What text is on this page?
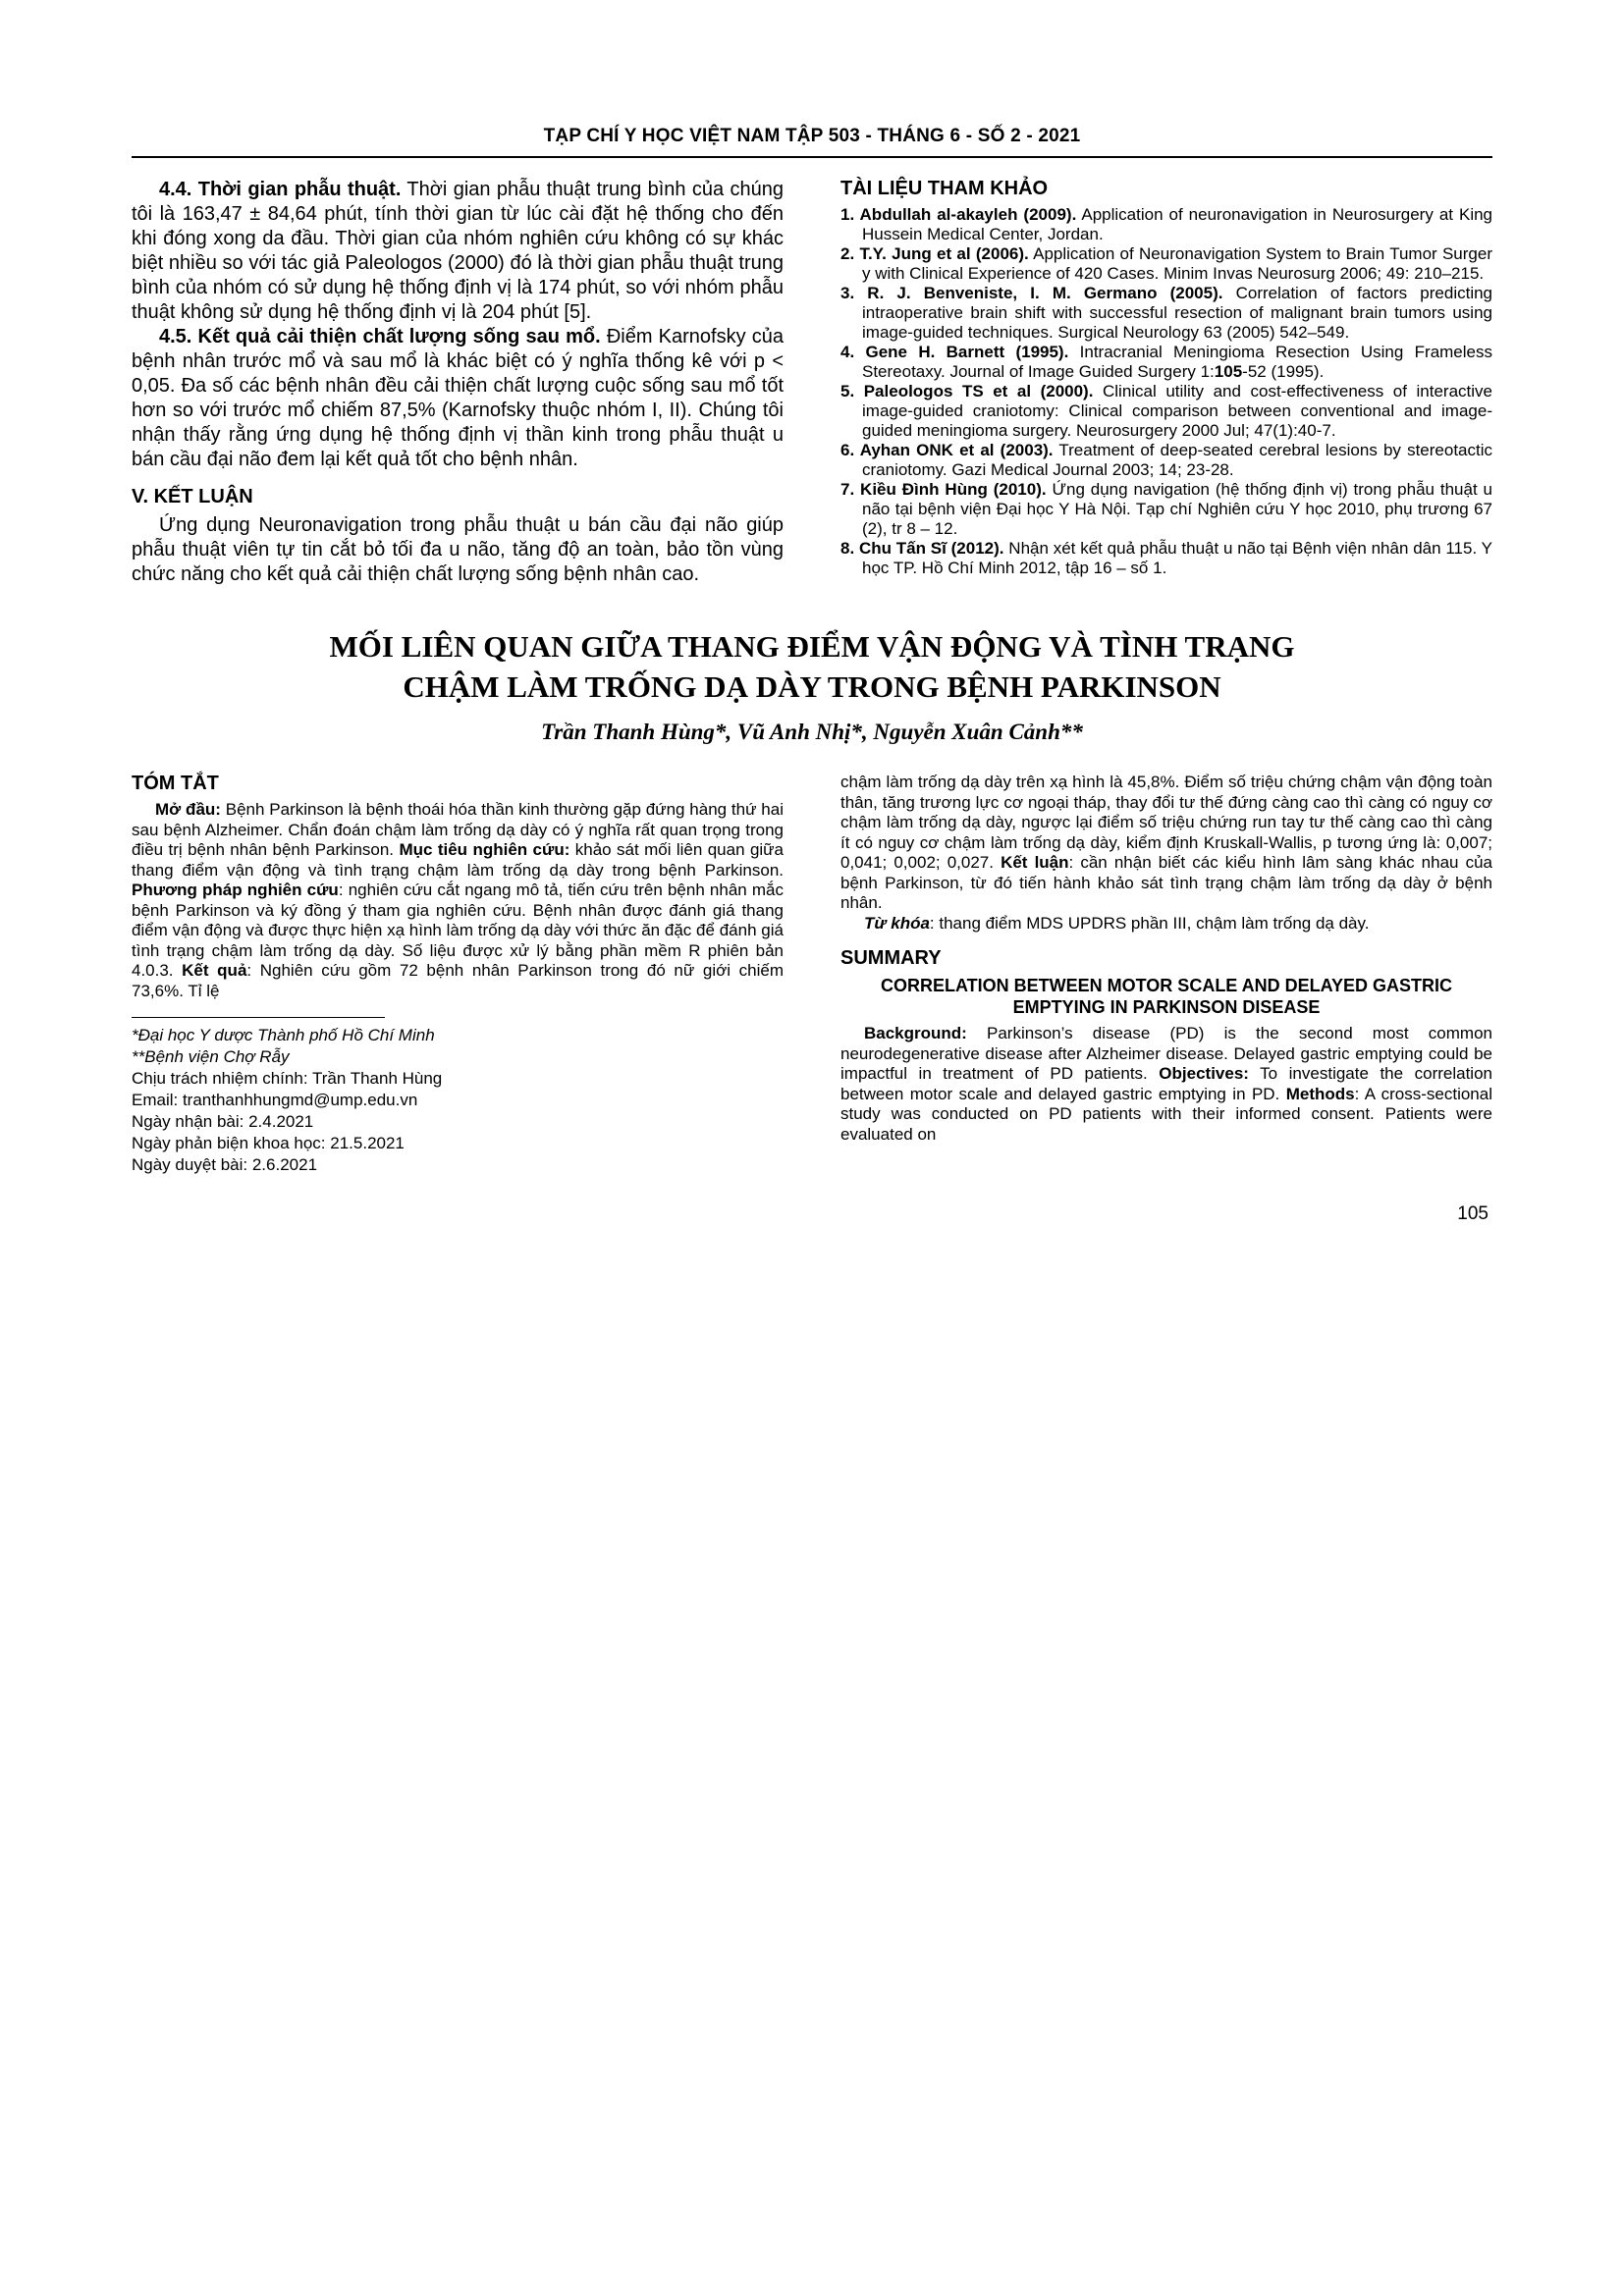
TẠP CHÍ Y HỌC VIỆT NAM TẬP 503 - THÁNG 6 - SỐ 2 - 2021

4.4. Thời gian phẫu thuật. Thời gian phẫu thuật trung bình của chúng tôi là 163,47 ± 84,64 phút, tính thời gian từ lúc cài đặt hệ thống cho đến khi đóng xong da đầu. Thời gian của nhóm nghiên cứu không có sự khác biệt nhiều so với tác giả Paleologos (2000) đó là thời gian phẫu thuật trung bình của nhóm có sử dụng hệ thống định vị là 174 phút, so với nhóm phẫu thuật không sử dụng hệ thống định vị là 204 phút [5].

4.5. Kết quả cải thiện chất lượng sống sau mổ. Điểm Karnofsky của bệnh nhân trước mổ và sau mổ là khác biệt có ý nghĩa thống kê với p < 0,05. Đa số các bệnh nhân đều cải thiện chất lượng cuộc sống sau mổ tốt hơn so với trước mổ chiếm 87,5% (Karnofsky thuộc nhóm I, II). Chúng tôi nhận thấy rằng ứng dụng hệ thống định vị thần kinh trong phẫu thuật u bán cầu đại não đem lại kết quả tốt cho bệnh nhân.

V. KẾT LUẬN

Ứng dụng Neuronavigation trong phẫu thuật u bán cầu đại não giúp phẫu thuật viên tự tin cắt bỏ tối đa u não, tăng độ an toàn, bảo tồn vùng chức năng cho kết quả cải thiện chất lượng sống bệnh nhân cao.

TÀI LIỆU THAM KHẢO
1. Abdullah al-akayleh (2009). Application of neuronavigation in Neurosurgery at King Hussein Medical Center, Jordan.
2. T.Y. Jung et al (2006). Application of Neuronavigation System to Brain Tumor Surger y with Clinical Experience of 420 Cases. Minim Invas Neurosurg 2006; 49: 210–215.
3. R. J. Benveniste, I. M. Germano (2005). Correlation of factors predicting intraoperative brain shift with successful resection of malignant brain tumors using image-guided techniques. Surgical Neurology 63 (2005) 542–549.
4. Gene H. Barnett (1995). Intracranial Meningioma Resection Using Frameless Stereotaxy. Journal of Image Guided Surgery 1:105-52 (1995).
5. Paleologos TS et al (2000). Clinical utility and cost-effectiveness of interactive image-guided craniotomy: Clinical comparison between conventional and image-guided meningioma surgery. Neurosurgery 2000 Jul; 47(1):40-7.
6. Ayhan ONK et al (2003). Treatment of deep-seated cerebral lesions by stereotactic craniotomy. Gazi Medical Journal 2003; 14; 23-28.
7. Kiều Đình Hùng (2010). Ứng dụng navigation (hệ thống định vị) trong phẫu thuật u não tại bệnh viện Đại học Y Hà Nội. Tạp chí Nghiên cứu Y học 2010, phụ trương 67 (2), tr 8 – 12.
8. Chu Tấn Sĩ (2012). Nhận xét kết quả phẫu thuật u não tại Bệnh viện nhân dân 115. Y học TP. Hồ Chí Minh 2012, tập 16 – số 1.
MỐI LIÊN QUAN GIỮA THANG ĐIỂM VẬN ĐỘNG VÀ TÌNH TRẠNG
CHẬM LÀM TRỐNG DẠ DÀY TRONG BỆNH PARKINSON
Trần Thanh Hùng*, Vũ Anh Nhị*, Nguyễn Xuân Cảnh**
TÓM TẮT

Mở đầu: Bệnh Parkinson là bệnh thoái hóa thần kinh thường gặp đứng hàng thứ hai sau bệnh Alzheimer. Chẩn đoán chậm làm trống dạ dày có ý nghĩa rất quan trọng trong điều trị bệnh nhân bệnh Parkinson. Mục tiêu nghiên cứu: khảo sát mối liên quan giữa thang điểm vận động và tình trạng chậm làm trống dạ dày trong bệnh Parkinson. Phương pháp nghiên cứu: nghiên cứu cắt ngang mô tả, tiến cứu trên bệnh nhân mắc bệnh Parkinson và ký đồng ý tham gia nghiên cứu. Bệnh nhân được đánh giá thang điểm vận động và được thực hiện xạ hình làm trống dạ dày với thức ăn đặc để đánh giá tình trạng chậm làm trống dạ dày. Số liệu được xử lý bằng phần mềm R phiên bản 4.0.3. Kết quả: Nghiên cứu gồm 72 bệnh nhân Parkinson trong đó nữ giới chiếm 73,6%. Tỉ lệ

*Đại học Y dược Thành phố Hồ Chí Minh
**Bệnh viện Chợ Rẫy
Chịu trách nhiệm chính: Trần Thanh Hùng
Email: tranthanhhungmd@ump.edu.vn
Ngày nhận bài: 2.4.2021
Ngày phản biện khoa học: 21.5.2021
Ngày duyệt bài: 2.6.2021

chậm làm trống dạ dày trên xạ hình là 45,8%. Điểm số triệu chứng chậm vận động toàn thân, tăng trương lực cơ ngoại tháp, thay đổi tư thế đứng càng cao thì càng có nguy cơ chậm làm trống dạ dày, ngược lại điểm số triệu chứng run tay tư thế càng cao thì càng ít có nguy cơ chậm làm trống dạ dày, kiểm định Kruskall-Wallis, p tương ứng là: 0,007; 0,041; 0,002; 0,027. Kết luận: cần nhận biết các kiểu hình lâm sàng khác nhau của bệnh Parkinson, từ đó tiến hành khảo sát tình trạng chậm làm trống dạ dày ở bệnh nhân.

Từ khóa: thang điểm MDS UPDRS phần III, chậm làm trống dạ dày.

SUMMARY
CORRELATION BETWEEN MOTOR SCALE AND DELAYED GASTRIC EMPTYING IN PARKINSON DISEASE

Background: Parkinson’s disease (PD) is the second most common neurodegenerative disease after Alzheimer disease. Delayed gastric emptying could be impactful in treatment of PD patients. Objectives: To investigate the correlation between motor scale and delayed gastric emptying in PD. Methods: A cross-sectional study was conducted on PD patients with their informed consent. Patients were evaluated on

105
